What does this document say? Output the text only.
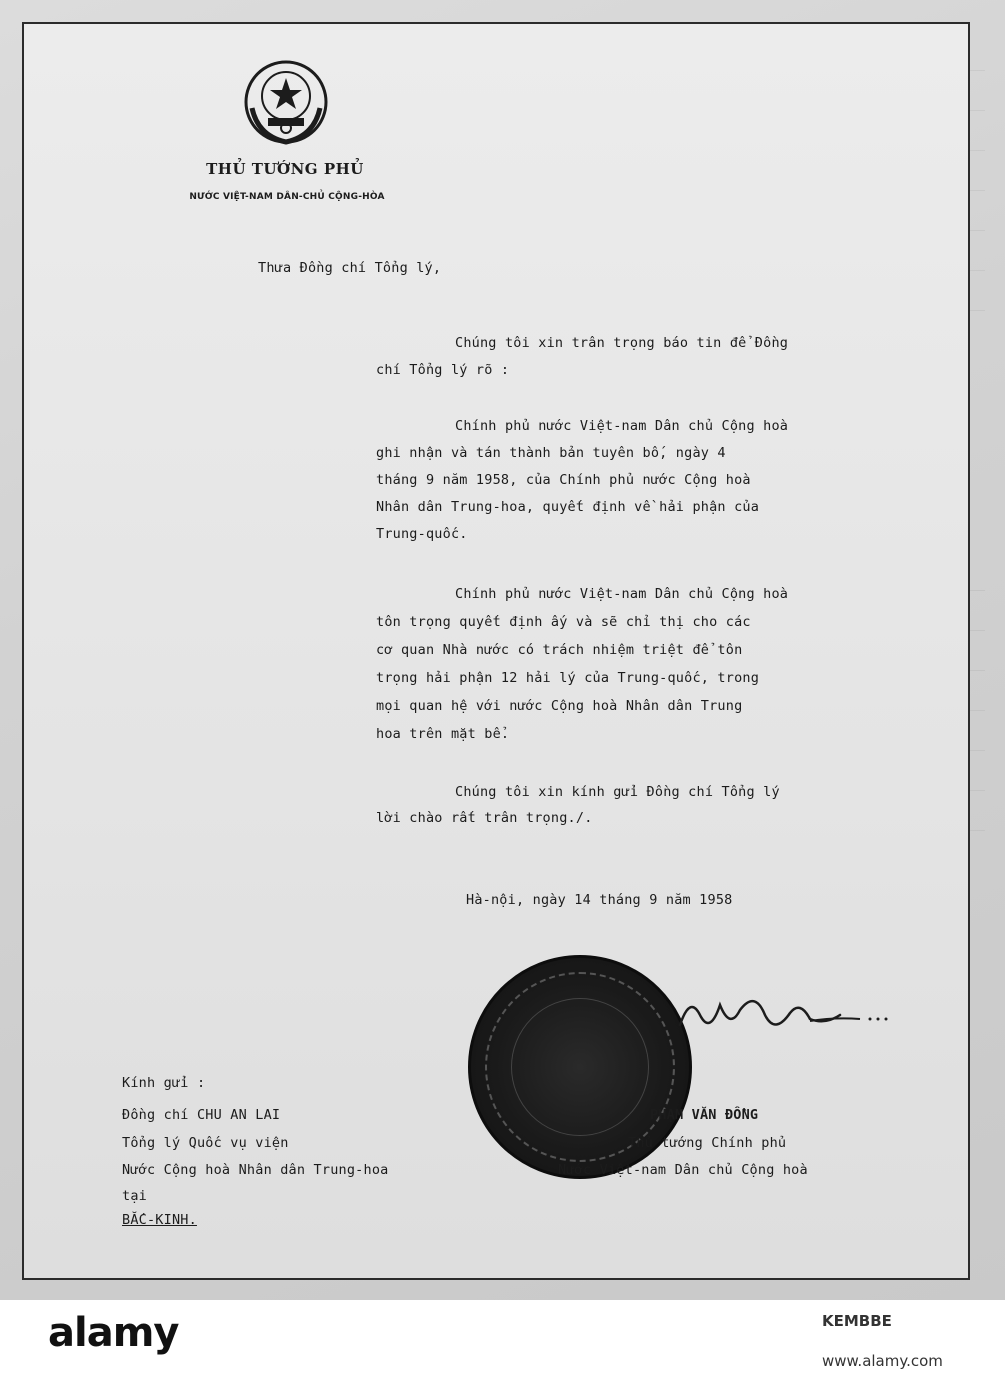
THỦ TƯỚNG PHỦ
NƯỚC VIỆT-NAM DÂN-CHỦ CỘNG-HÒA
Thưa Đồng chí Tổng lý,
Chúng tôi xin trân trọng báo tin để Đồng
chí Tổng lý rõ :
Chính phủ nước Việt-nam Dân chủ Cộng hoà
ghi nhận và tán thành bản tuyên bố, ngày 4
tháng 9 năm 1958, của Chính phủ nước Cộng hoà
Nhân dân Trung-hoa, quyết định về hải phận của
Trung-quốc.
Chính phủ nước Việt-nam Dân chủ Cộng hoà
tôn trọng quyết định ấy và sẽ chỉ thị cho các
cơ quan Nhà nước có trách nhiệm triệt để tôn
trọng hải phận 12 hải lý của Trung-quốc, trong
mọi quan hệ với nước Cộng hoà Nhân dân Trung
hoa trên mặt bể.
Chúng tôi xin kính gửi Đồng chí Tổng lý
lời chào rất trân trọng./.
Hà-nội, ngày 14 tháng 9 năm 1958
Kính gửi :
Đồng chí CHU AN LAI
Tổng lý Quốc vụ viện
Nước Cộng hoà Nhân dân Trung-hoa
tại
BẮC-KINH.
PHẠM VĂN ĐỒNG
Thủ tướng Chính phủ
Nước Việt-nam Dân chủ Cộng hoà
alamy	KEMBBE
www.alamy.com
